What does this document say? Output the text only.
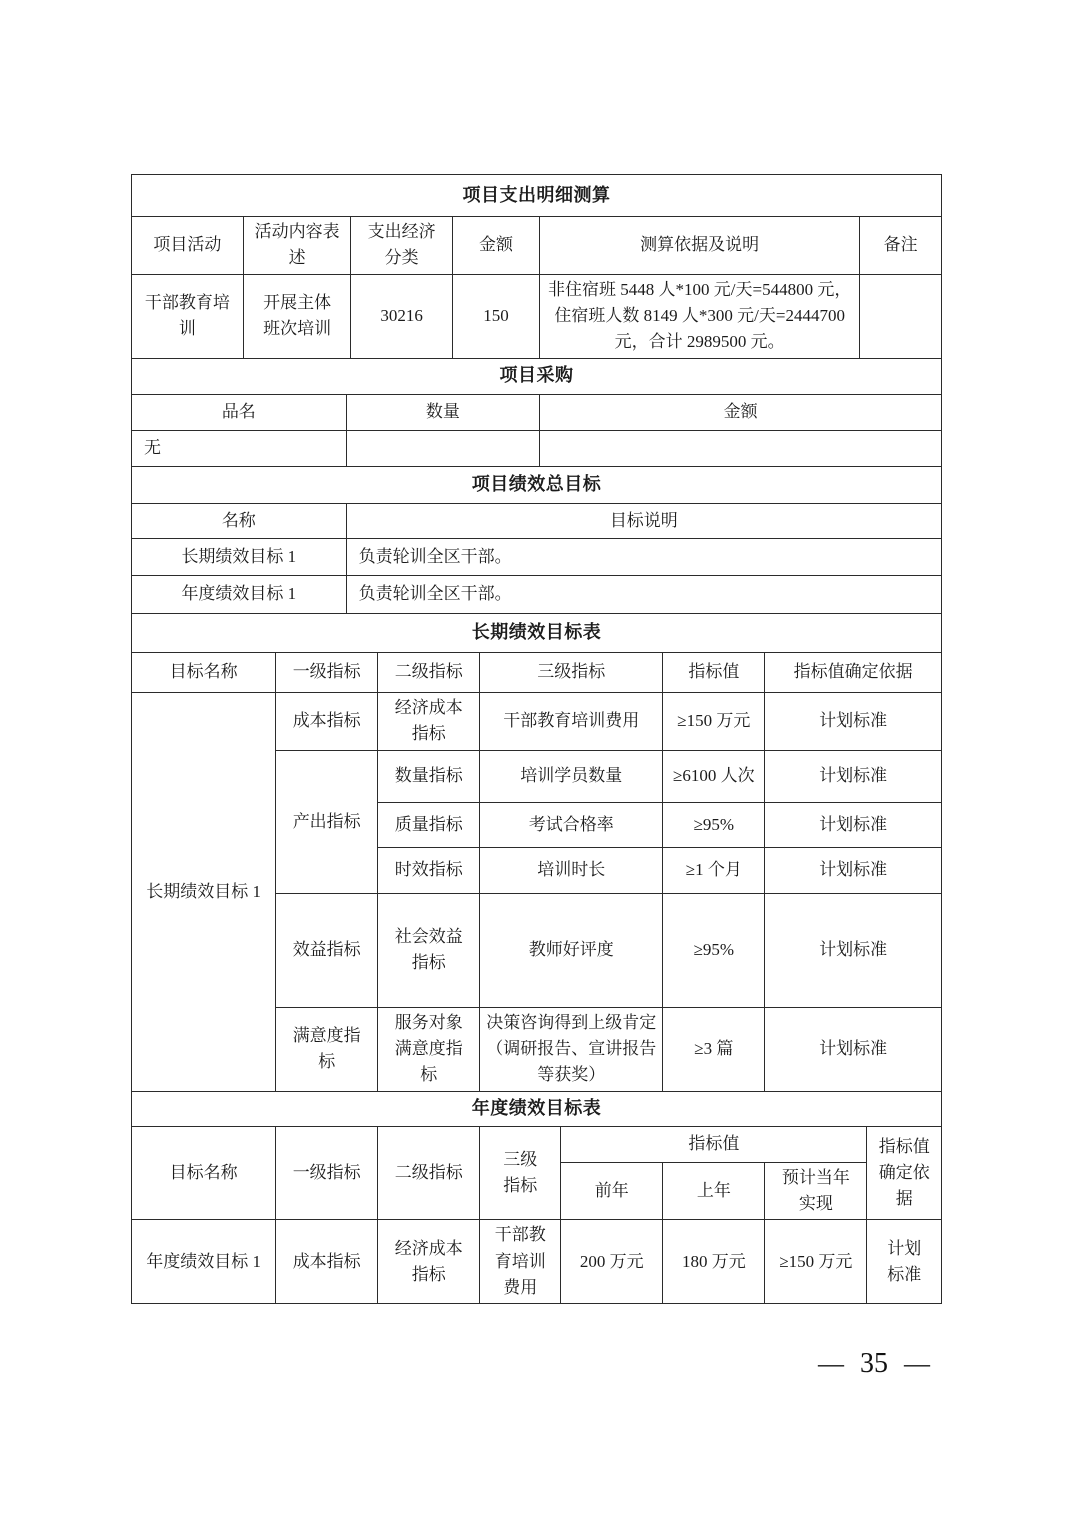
项目支出明细测算					
项目活动	活动内容表述	支出经济分类	金额	测算依据及说明	备注
干部教育培训	开展主体班次培训	30216	150	非住宿班 5448 人*100 元/天=544800 元，住宿班人数 8149 人*300 元/天=2444700 元，合计 2989500 元。	
项目采购		
品名	数量	金额
无		
项目绩效总目标	
名称	目标说明
长期绩效目标 1	负责轮训全区干部。
年度绩效目标 1	负责轮训全区干部。
长期绩效目标表					
目标名称	一级指标	二级指标	三级指标	指标值	指标值确定依据
长期绩效目标 1	成本指标	经济成本指标	干部教育培训费用	≥150 万元	计划标准
	产出指标	数量指标	培训学员数量	≥6100 人次	计划标准
		质量指标	考试合格率	≥95%	计划标准
		时效指标	培训时长	≥1 个月	计划标准
	效益指标	社会效益指标	教师好评度	≥95%	计划标准
	满意度指标	服务对象满意度指标	决策咨询得到上级肯定（调研报告、宣讲报告等获奖）	≥3 篇	计划标准
年度绩效目标表							
目标名称	一级指标	二级指标	三级指标	指标值			指标值确定依据
				前年	上年	预计当年实现	
年度绩效目标 1	成本指标	经济成本指标	干部教育培训费用	200 万元	180 万元	≥150 万元	计划标准
— 35 —
